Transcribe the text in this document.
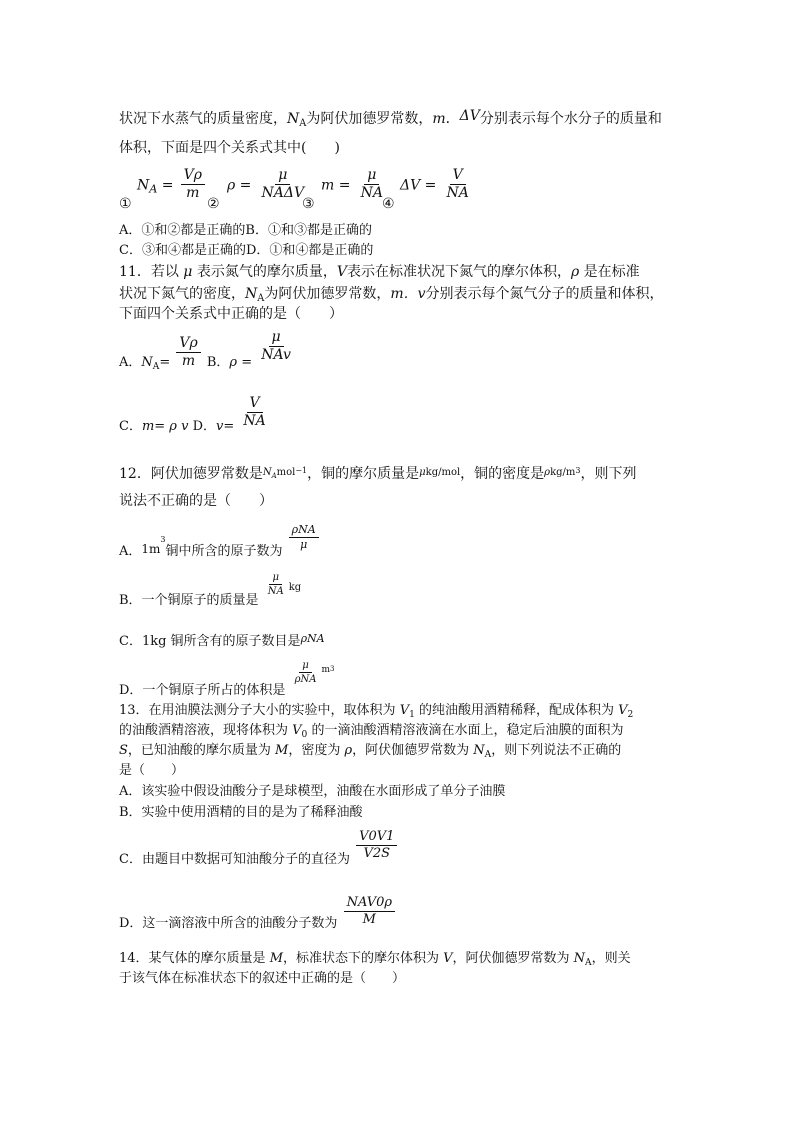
状况下水蒸气的质量密度，$N_A$为阿伏加德罗常数，m．ΔV分别表示每个水分子的质量和
体积，下面是四个关系式其中(　　)
$N_A = \frac{V\rho}{m}$
①
$\rho = \frac{\mu}{\text{NAΔV}}$
②
$m = \frac{\mu}{NA}$
③
$\Delta V = \frac{V}{NA}$
④
A．①和②都是正确的B．①和③都是正确的
C．③和④都是正确的D．①和④都是正确的
11．若以 μ 表示氮气的摩尔质量，V表示在标准状况下氮气的摩尔体积，ρ 是在标准
状况下氮气的密度，$N_A$为阿伏加德罗常数，m．v分别表示每个氮气分子的质量和体积，
下面四个关系式中正确的是（　　）
A．$N_A= \frac{V\rho}{m}$ B．$\rho = \frac{\mu}{\text{NAv}}$
C．m= ρ v D．$v= \frac{V}{NA}$
12．阿伏加德罗常数是$^{N_Amol-1}$，铜的摩尔质量是$^{\mu kg/mol}$，铜的密度是$^{\rho kg/m3}$，则下列
说法不正确的是（　　）
A．$1m^3$铜中所含的原子数为
$\frac{\text{ρNA}}{\mu}$
B．一个铜原子的质量是
$\frac{\mu}{NA} ^{kg}$
C．1kg 铜所含有的原子数目是$^{\rho NA}$
D．一个铜原子所占的体积是
$\frac{\mu}{\text{ρNA}} ^{m3}$
13．在用油膜法测分子大小的实验中，取体积为 $V_1$ 的纯油酸用酒精稀释，配成体积为 $V_2$
的油酸酒精溶液，现将体积为 $V_0$ 的一滴油酸酒精溶液滴在水面上，稳定后油膜的面积为
S，已知油酸的摩尔质量为 M，密度为 ρ，阿伏伽德罗常数为 $N_A$，则下列说法不正确的
是（　　）
A．该实验中假设油酸分子是球模型，油酸在水面形成了单分子油膜
B．实验中使用酒精的目的是为了稀释油酸
C．由题目中数据可知油酸分子的直径为 $\frac{V0V1}{V2S}$
D．这一滴溶液中所含的油酸分子数为 $\frac{\text{NAV0ρ}}{M}$
14．某气体的摩尔质量是 M，标准状态下的摩尔体积为 V，阿伏伽德罗常数为 $N_A$，则关
于该气体在标准状态下的叙述中正确的是（　　）
